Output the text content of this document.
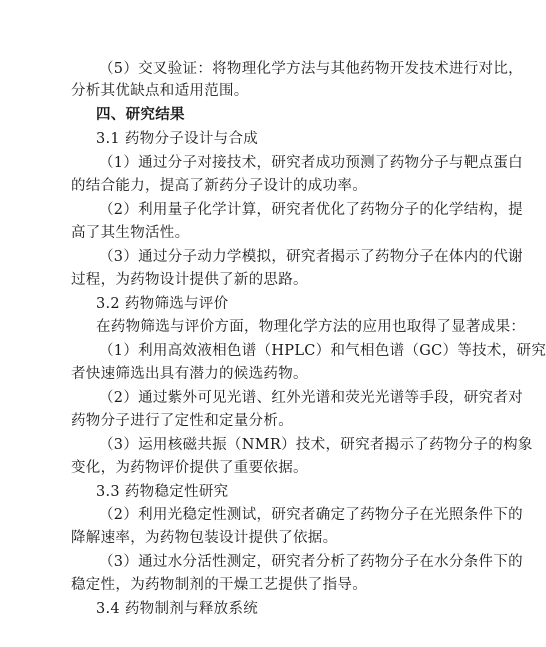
（5）交叉验证：将物理化学方法与其他药物开发技术进行对比，
分析其优缺点和适用范围。
四、研究结果
3.1 药物分子设计与合成
（1）通过分子对接技术，研究者成功预测了药物分子与靶点蛋白
的结合能力，提高了新药分子设计的成功率。
（2）利用量子化学计算，研究者优化了药物分子的化学结构，提
高了其生物活性。
（3）通过分子动力学模拟，研究者揭示了药物分子在体内的代谢
过程，为药物设计提供了新的思路。
3.2 药物筛选与评价
在药物筛选与评价方面，物理化学方法的应用也取得了显著成果：
（1）利用高效液相色谱（HPLC）和气相色谱（GC）等技术，研究
者快速筛选出具有潜力的候选药物。
（2）通过紫外可见光谱、红外光谱和荧光光谱等手段，研究者对
药物分子进行了定性和定量分析。
（3）运用核磁共振（NMR）技术，研究者揭示了药物分子的构象
变化，为药物评价提供了重要依据。
3.3 药物稳定性研究
（2）利用光稳定性测试，研究者确定了药物分子在光照条件下的
降解速率，为药物包装设计提供了依据。
（3）通过水分活性测定，研究者分析了药物分子在水分条件下的
稳定性，为药物制剂的干燥工艺提供了指导。
3.4 药物制剂与释放系统
